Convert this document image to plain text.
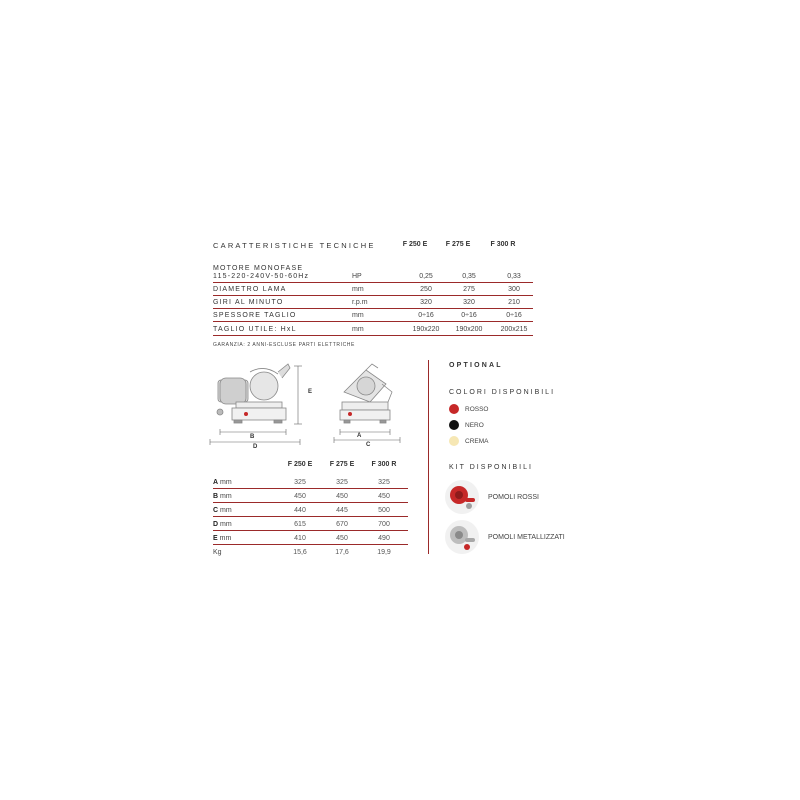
CARATTERISTICHE TECNICHE	F 250 E	F 275 E	F 300 R
MOTORE MONOFASE
115-220-240V-50-60Hz	HP	0,25	0,35	0,33
DIAMETRO LAMA	mm	250	275	300
GIRI AL MINUTO	r.p.m	320	320	210
SPESSORE TAGLIO	mm	0÷16	0÷16	0÷16
TAGLIO UTILE: HxL	mm	190x220	190x200	200x215
GARANZIA: 2 ANNI-ESCLUSE PARTI ELETTRICHE
E
B
D
A
C
F 250 E	F 275 E	F 300 R
A mm	325	325	325
B mm	450	450	450
C mm	440	445	500
D mm	615	670	700
E mm	410	450	490
Kg	15,6	17,6	19,9
OPTIONAL
COLORI DISPONIBILI
ROSSO
NERO
CREMA
KIT DISPONIBILI
POMOLI ROSSI
POMOLI METALLIZZATI
